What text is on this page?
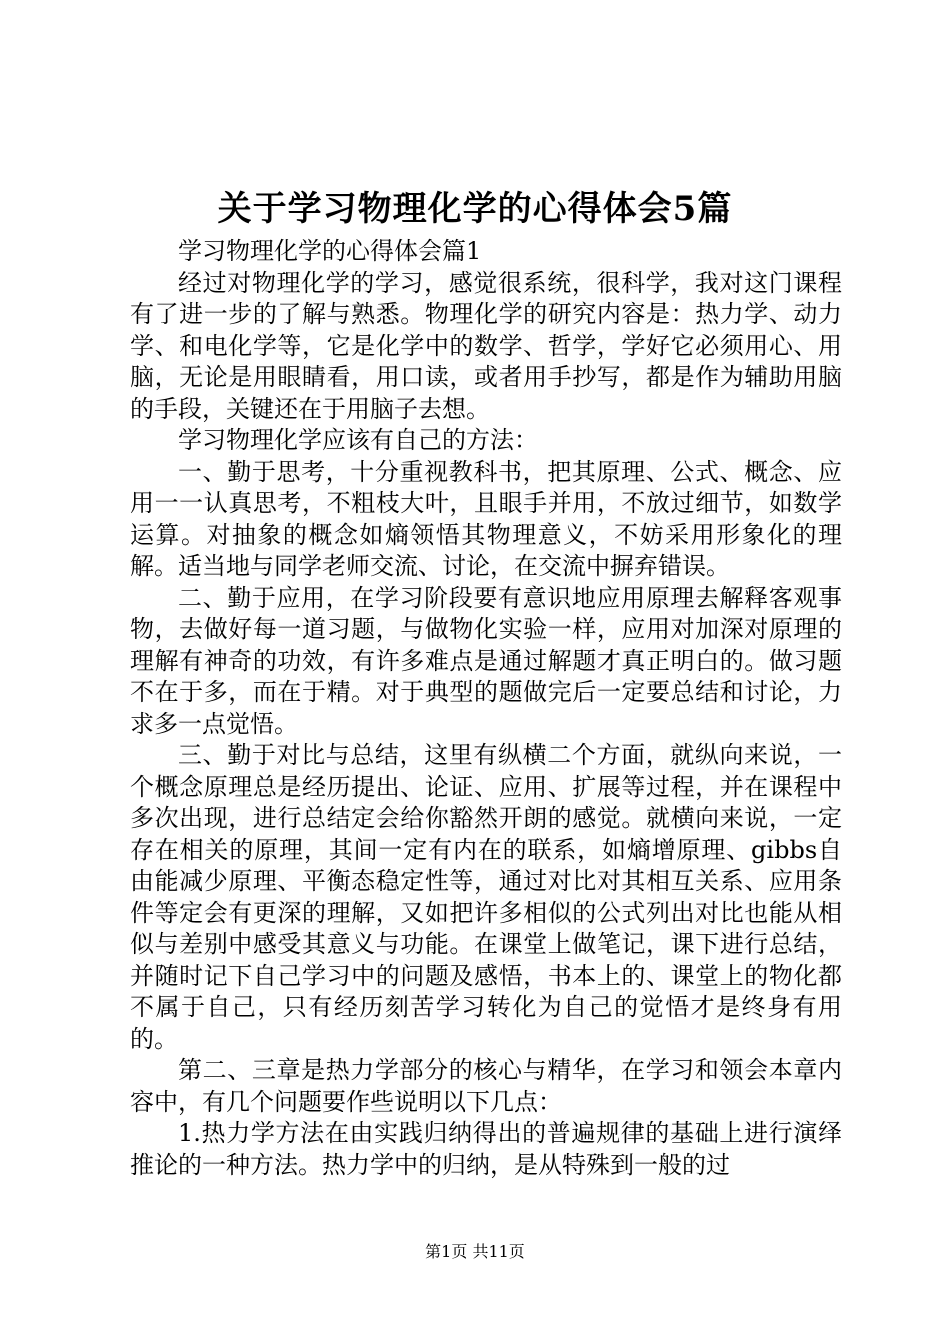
关于学习物理化学的心得体会5篇

学习物理化学的心得体会篇1

经过对物理化学的学习，感觉很系统，很科学，我对这门课程有了进一步的了解与熟悉。物理化学的研究内容是：热力学、动力学、和电化学等，它是化学中的数学、哲学，学好它必须用心、用脑，无论是用眼睛看，用口读，或者用手抄写，都是作为辅助用脑的手段，关键还在于用脑子去想。

学习物理化学应该有自己的方法：

一、勤于思考，十分重视教科书，把其原理、公式、概念、应用一一认真思考，不粗枝大叶，且眼手并用，不放过细节，如数学运算。对抽象的概念如熵领悟其物理意义，不妨采用形象化的理解。适当地与同学老师交流、讨论，在交流中摒弃错误。

二、勤于应用，在学习阶段要有意识地应用原理去解释客观事物，去做好每一道习题，与做物化实验一样，应用对加深对原理的理解有神奇的功效，有许多难点是通过解题才真正明白的。做习题不在于多，而在于精。对于典型的题做完后一定要总结和讨论，力求多一点觉悟。

三、勤于对比与总结，这里有纵横二个方面，就纵向来说，一个概念原理总是经历提出、论证、应用、扩展等过程，并在课程中多次出现，进行总结定会给你豁然开朗的感觉。就横向来说，一定存在相关的原理，其间一定有内在的联系，如熵增原理、gibbs自由能减少原理、平衡态稳定性等，通过对比对其相互关系、应用条件等定会有更深的理解，又如把许多相似的公式列出对比也能从相似与差别中感受其意义与功能。在课堂上做笔记，课下进行总结，并随时记下自己学习中的问题及感悟，书本上的、课堂上的物化都不属于自己，只有经历刻苦学习转化为自己的觉悟才是终身有用的。

第二、三章是热力学部分的核心与精华，在学习和领会本章内容中，有几个问题要作些说明以下几点：

1.热力学方法在由实践归纳得出的普遍规律的基础上进行演绎推论的一种方法。热力学中的归纳，是从特殊到一般的过

第1页 共11页
